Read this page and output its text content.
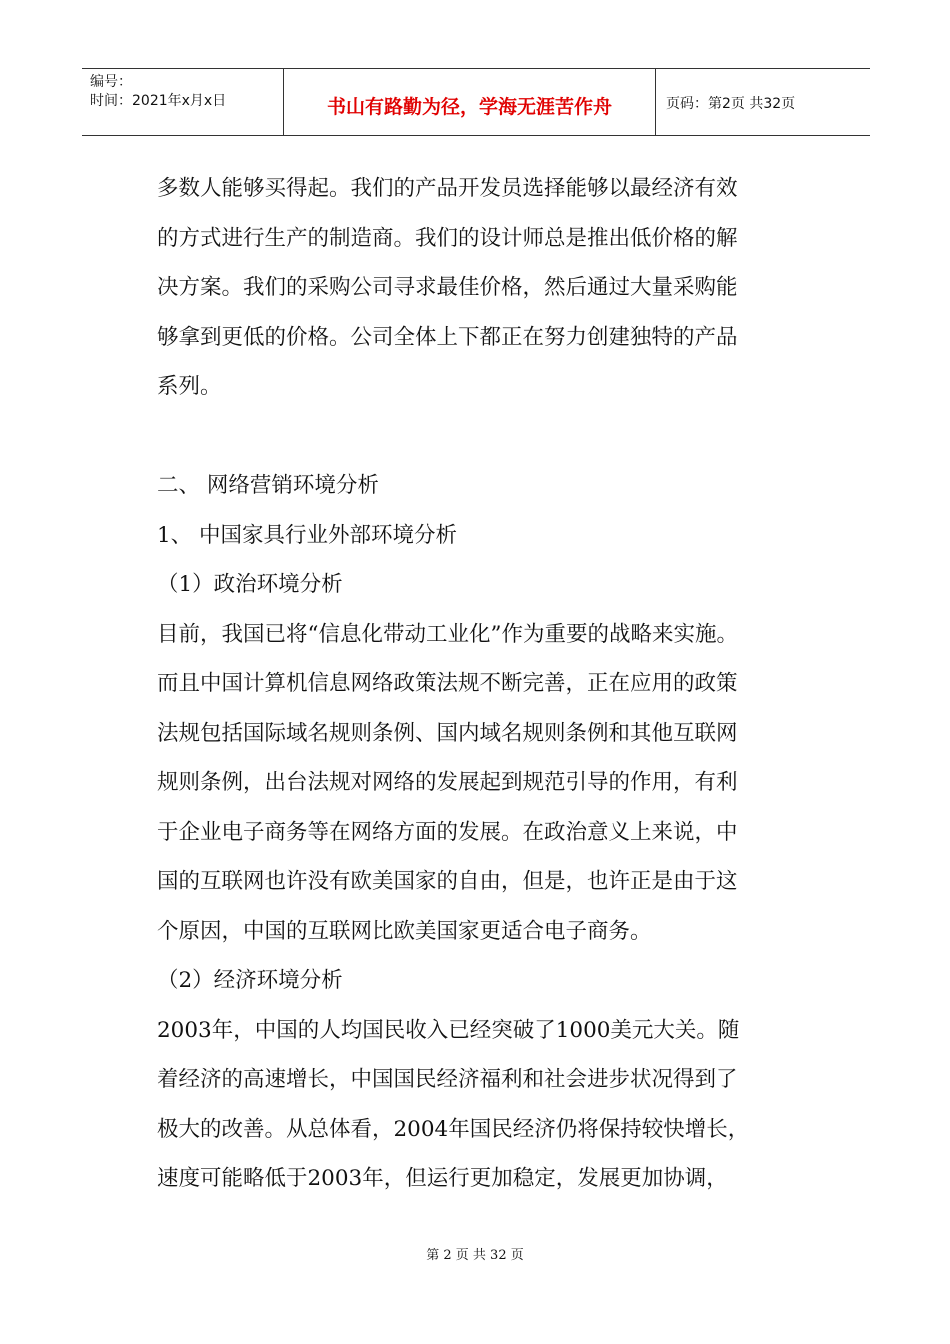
编号：
时间：2021年x月x日	书山有路勤为径，学海无涯苦作舟	页码：第2页 共32页

多数人能够买得起。我们的产品开发员选择能够以最经济有效

的方式进行生产的制造商。我们的设计师总是推出低价格的解

决方案。我们的采购公司寻求最佳价格，然后通过大量采购能

够拿到更低的价格。公司全体上下都正在努力创建独特的产品

系列。

二、 网络营销环境分析

1、 中国家具行业外部环境分析

（1）政治环境分析

目前，我国已将“信息化带动工业化”作为重要的战略来实施。

而且中国计算机信息网络政策法规不断完善，正在应用的政策

法规包括国际域名规则条例、国内域名规则条例和其他互联网

规则条例，出台法规对网络的发展起到规范引导的作用，有利

于企业电子商务等在网络方面的发展。在政治意义上来说，中

国的互联网也许没有欧美国家的自由，但是，也许正是由于这

个原因，中国的互联网比欧美国家更适合电子商务。

（2）经济环境分析

2003年，中国的人均国民收入已经突破了1000美元大关。随

着经济的高速增长，中国国民经济福利和社会进步状况得到了

极大的改善。从总体看，2004年国民经济仍将保持较快增长，

速度可能略低于2003年，但运行更加稳定，发展更加协调，

第 2 页 共 32 页
